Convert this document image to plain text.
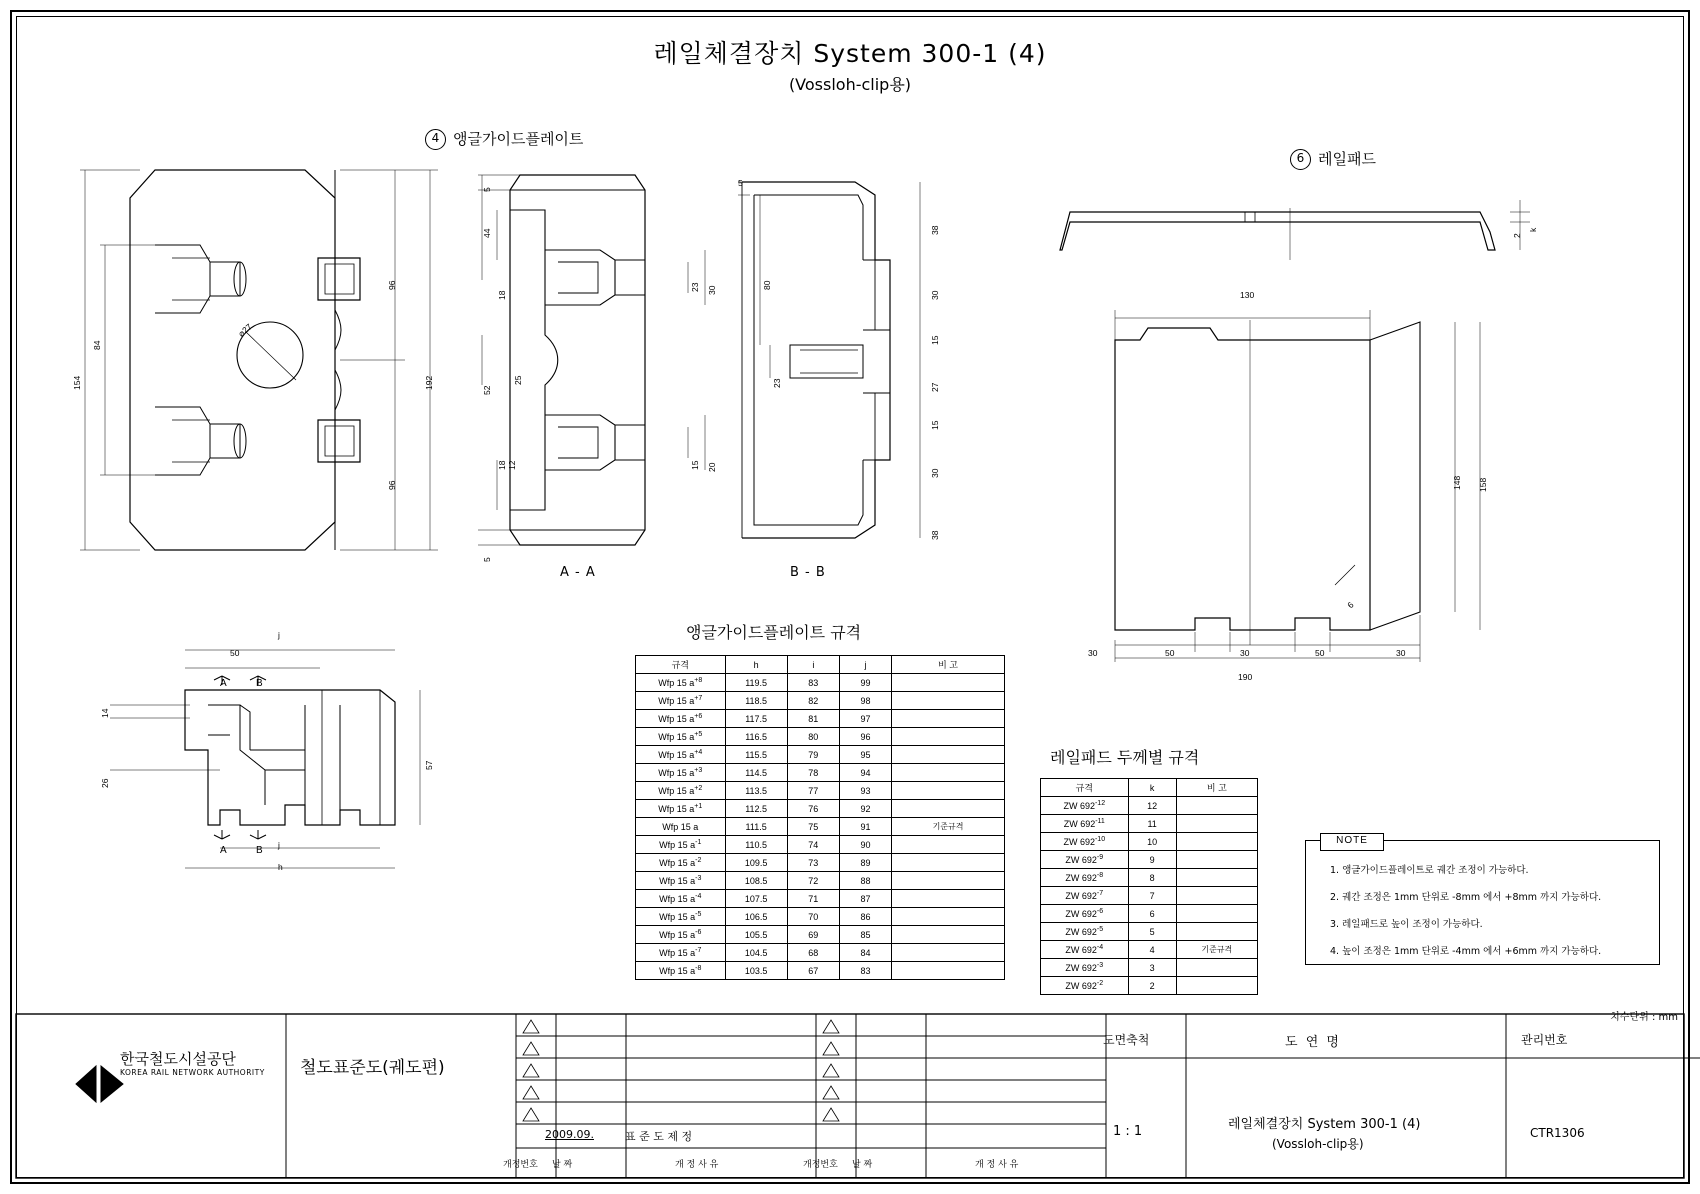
레일체결장치 System 300-1 (4)
(Vossloh-clip용)
4 앵글가이드플레이트
6 레일패드
154
84
96
96
192
⌀27
44
18
18
52
25
12
23 30
15 20
5
5
38
30
15
27
15
30
38
80
23
5
A - A	B - B
50
j
j
h
14
26
57
A	B
A	B
2
k
130
148 158
190
30	50	30	50	30
6
앵글가이드플레이트 규격
규격	h	i	j	비 고
Wfp 15 $a^{+8}$	119.5	83	99	
Wfp 15 $a^{+7}$	118.5	82	98	
Wfp 15 $a^{+6}$	117.5	81	97	
Wfp 15 $a^{+5}$	116.5	80	96	
Wfp 15 $a^{+4}$	115.5	79	95	
Wfp 15 $a^{+3}$	114.5	78	94	
Wfp 15 $a^{+2}$	113.5	77	93	
Wfp 15 $a^{+1}$	112.5	76	92	
Wfp 15 a	111.5	75	91	기준규격
Wfp 15 $a^{-1}$	110.5	74	90	
Wfp 15 $a^{-2}$	109.5	73	89	
Wfp 15 $a^{-3}$	108.5	72	88	
Wfp 15 $a^{-4}$	107.5	71	87	
Wfp 15 $a^{-5}$	106.5	70	86	
Wfp 15 $a^{-6}$	105.5	69	85	
Wfp 15 $a^{-7}$	104.5	68	84	
Wfp 15 $a^{-8}$	103.5	67	83	
레일패드 두께별 규격
규격	k	비 고
ZW $692^{-12}$	12	
ZW $692^{-11}$	11	
ZW $692^{-10}$	10	
ZW $692^{-9}$	9	
ZW $692^{-8}$	8	
ZW $692^{-7}$	7	
ZW $692^{-6}$	6	
ZW $692^{-5}$	5	
ZW $692^{-4}$	4	기준규격
ZW $692^{-3}$	3	
ZW $692^{-2}$	2	
NOTE
1. 앵글가이드플레이트로 궤간 조정이 가능하다.
2. 궤간 조정은 1mm 단위로 -8mm 에서 +8mm 까지 가능하다.
3. 레일패드로 높이 조정이 가능하다.
4. 높이 조정은 1mm 단위로 -4mm 에서 +6mm 까지 가능하다.
치수단위 : mm
한국철도시설공단
KOREA RAIL NETWORK AUTHORITY 철도표준도(궤도편)
2009.09.	표 준 도 제 정
개정번호 날 짜	개 정 사 유	개정번호 날 짜	개 정 사 유
도면축척
1 : 1
도 연 명
레일체결장치 System 300-1 (4)
(Vossloh-clip용)
관리번호
CTR1306
